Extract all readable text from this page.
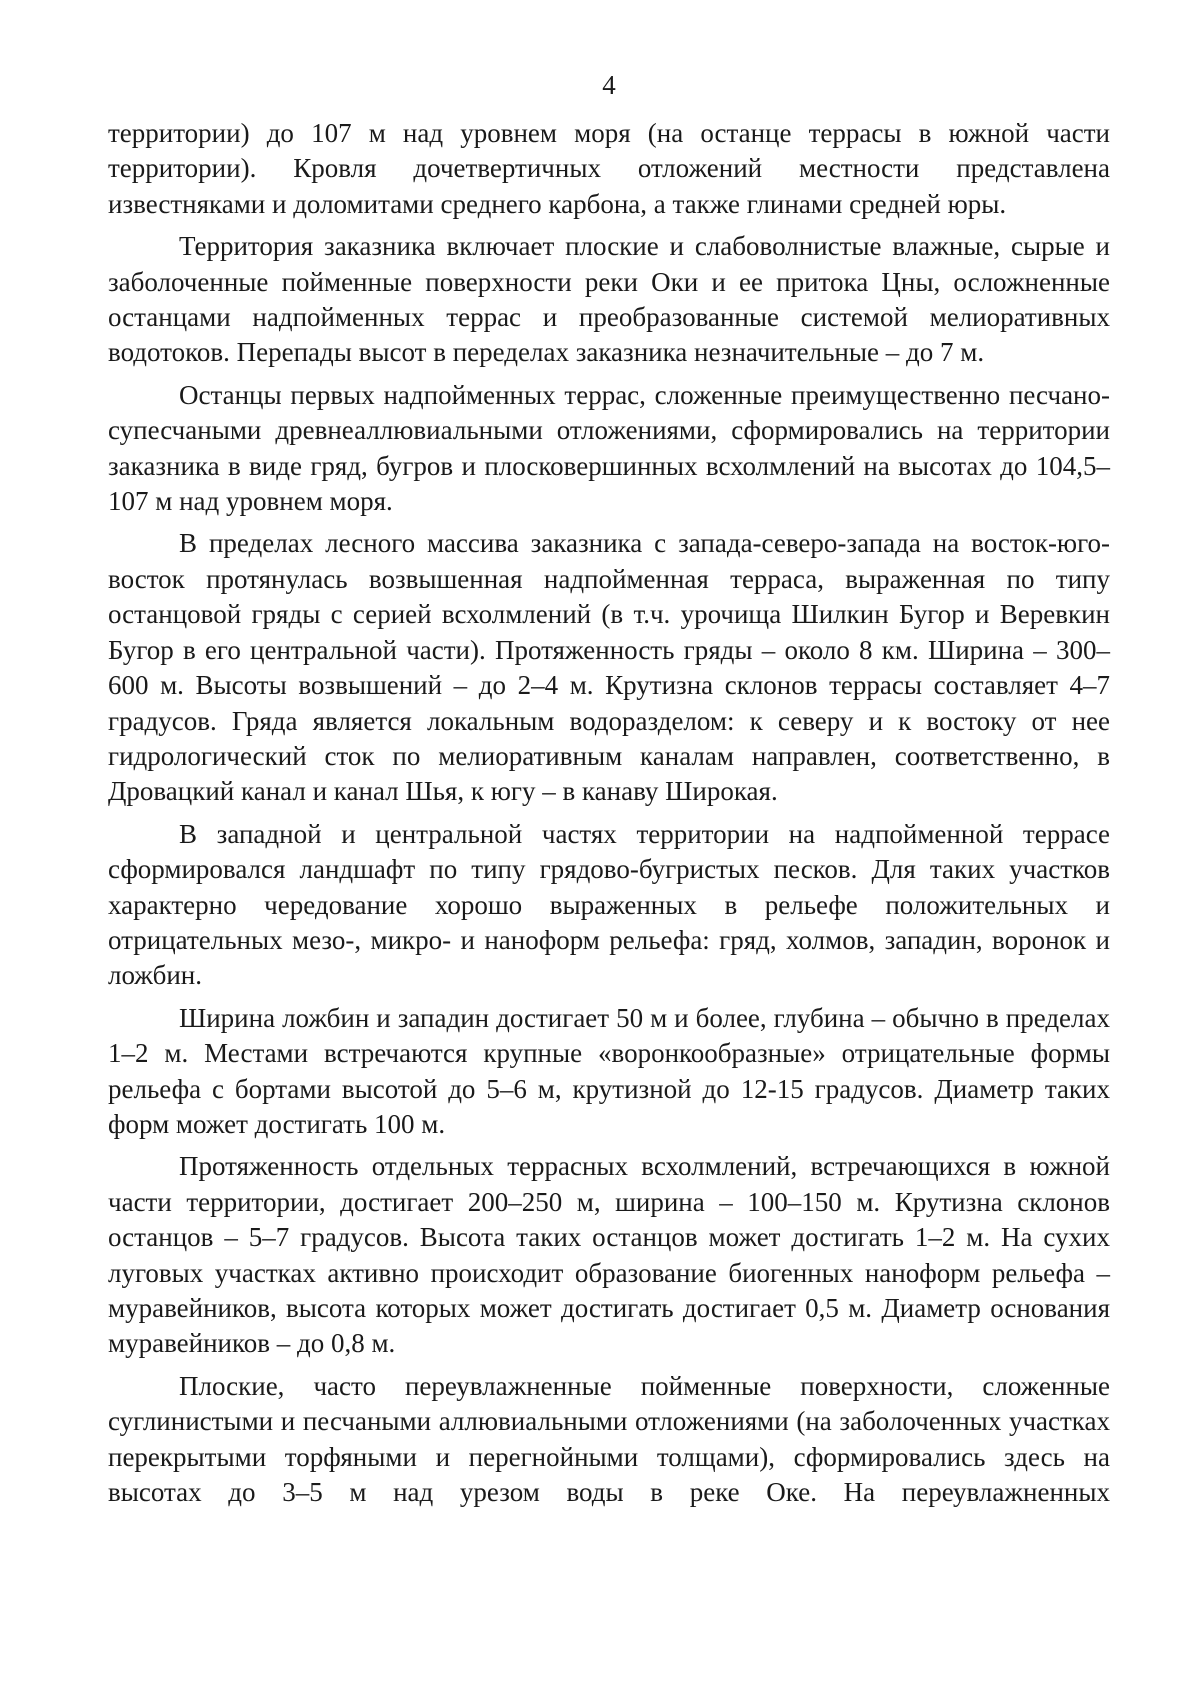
4

территории) до 107 м над уровнем моря (на останце террасы в южной части территории). Кровля дочетвертичных отложений местности представлена известняками и доломитами среднего карбона, а также глинами средней юры.

Территория заказника включает плоские и слабоволнистые влажные, сырые и заболоченные пойменные поверхности реки Оки и ее притока Цны, осложненные останцами надпойменных террас и преобразованные системой мелиоративных водотоков. Перепады высот в переделах заказника незначительные – до 7 м.

Останцы первых надпойменных террас, сложенные преимущественно песчано-супесчаными древнеаллювиальными отложениями, сформировались на территории заказника в виде гряд, бугров и плосковершинных всхолмлений на высотах до 104,5–107 м над уровнем моря.

В пределах лесного массива заказника с запада-северо-запада на восток-юго-восток протянулась возвышенная надпойменная терраса, выраженная по типу останцовой гряды с серией всхолмлений (в т.ч. урочища Шилкин Бугор и Веревкин Бугор в его центральной части). Протяженность гряды – около 8 км. Ширина – 300–600 м. Высоты возвышений – до 2–4 м. Крутизна склонов террасы составляет 4–7 градусов. Гряда является локальным водоразделом: к северу и к востоку от нее гидрологический сток по мелиоративным каналам направлен, соответственно, в Дровацкий канал и канал Шья, к югу – в канаву Широкая.

В западной и центральной частях территории на надпойменной террасе сформировался ландшафт по типу грядово-бугристых песков. Для таких участков характерно чередование хорошо выраженных в рельефе положительных и отрицательных мезо-, микро- и наноформ рельефа: гряд, холмов, западин, воронок и ложбин.

Ширина ложбин и западин достигает 50 м и более, глубина – обычно в пределах 1–2 м. Местами встречаются крупные «воронкообразные» отрицательные формы рельефа с бортами высотой до 5–6 м, крутизной до 12-15 градусов. Диаметр таких форм может достигать 100 м.

Протяженность отдельных террасных всхолмлений, встречающихся в южной части территории, достигает 200–250 м, ширина – 100–150 м. Крутизна склонов останцов – 5–7 градусов. Высота таких останцов может достигать 1–2 м. На сухих луговых участках активно происходит образование биогенных наноформ рельефа – муравейников, высота которых может достигать достигает 0,5 м. Диаметр основания муравейников – до 0,8 м.

Плоские, часто переувлажненные пойменные поверхности, сложенные суглинистыми и песчаными аллювиальными отложениями (на заболоченных участках перекрытыми торфяными и перегнойными толщами), сформировались здесь на высотах до 3–5 м над урезом воды в реке Оке. На переувлажненных
